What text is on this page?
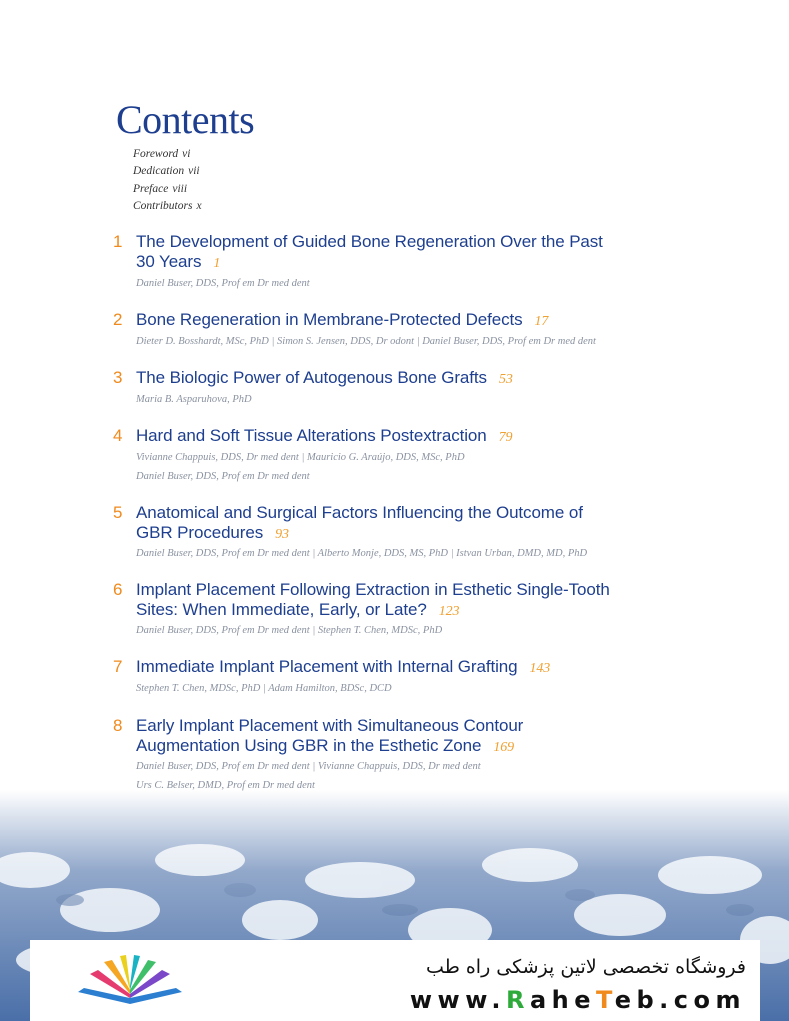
Contents
Foreword vi
Dedication vii
Preface viii
Contributors x
1 The Development of Guided Bone Regeneration Over the Past
30 Years 1
Daniel Buser, DDS, Prof em Dr med dent
2 Bone Regeneration in Membrane-Protected Defects 17
Dieter D. Bosshardt, MSc, PhD | Simon S. Jensen, DDS, Dr odont | Daniel Buser, DDS, Prof em Dr med dent
3 The Biologic Power of Autogenous Bone Grafts 53
Maria B. Asparuhova, PhD
4 Hard and Soft Tissue Alterations Postextraction 79
Vivianne Chappuis, DDS, Dr med dent | Mauricio G. Araújo, DDS, MSc, PhD
Daniel Buser, DDS, Prof em Dr med dent
5 Anatomical and Surgical Factors Influencing the Outcome of
GBR Procedures 93
Daniel Buser, DDS, Prof em Dr med dent | Alberto Monje, DDS, MS, PhD | Istvan Urban, DMD, MD, PhD
6 Implant Placement Following Extraction in Esthetic Single-Tooth
Sites: When Immediate, Early, or Late? 123
Daniel Buser, DDS, Prof em Dr med dent | Stephen T. Chen, MDSc, PhD
7 Immediate Implant Placement with Internal Grafting 143
Stephen T. Chen, MDSc, PhD | Adam Hamilton, BDSc, DCD
8 Early Implant Placement with Simultaneous Contour
Augmentation Using GBR in the Esthetic Zone 169
Daniel Buser, DDS, Prof em Dr med dent | Vivianne Chappuis, DDS, Dr med dent
Urs C. Belser, DMD, Prof em Dr med dent
فروشگاه تخصصی لاتین پزشکی راه طب
www.RaheTeb.com
